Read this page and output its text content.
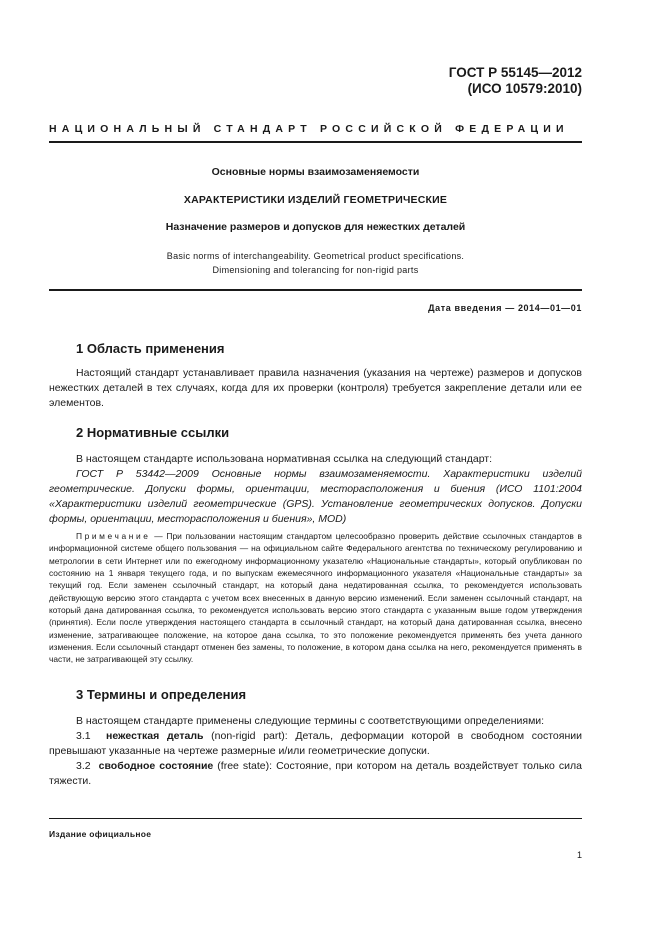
ГОСТ Р 55145—2012
(ИСО 10579:2010)
НАЦИОНАЛЬНЫЙ СТАНДАРТ РОССИЙСКОЙ ФЕДЕРАЦИИ
Основные нормы взаимозаменяемости
ХАРАКТЕРИСТИКИ ИЗДЕЛИЙ ГЕОМЕТРИЧЕСКИЕ
Назначение размеров и допусков для нежестких деталей
Basic norms of interchangeability. Geometrical product specifications.
Dimensioning and tolerancing for non-rigid parts
Дата введения — 2014—01—01
1 Область применения

Настоящий стандарт устанавливает правила назначения (указания на чертеже) размеров и допусков нежестких деталей в тех случаях, когда для их проверки (контроля) требуется закрепление детали или ее элементов.

2 Нормативные ссылки

В настоящем стандарте использована нормативная ссылка на следующий стандарт:

ГОСТ Р 53442—2009 Основные нормы взаимозаменяемости. Характеристики изделий геометрические. Допуски формы, ориентации, месторасположения и биения (ИСО 1101:2004 «Характеристики изделий геометрические (GPS). Установление геометрических допусков. Допуски формы, ориентации, месторасположения и биения», MOD)

Примечание — При пользовании настоящим стандартом целесообразно проверить действие ссылочных стандартов в информационной системе общего пользования — на официальном сайте Федерального агентства по техническому регулированию и метрологии в сети Интернет или по ежегодному информационному указателю «Национальные стандарты», который опубликован по состоянию на 1 января текущего года, и по выпускам ежемесячного информационного указателя «Национальные стандарты» за текущий год. Если заменен ссылочный стандарт, на который дана недатированная ссылка, то рекомендуется использовать действующую версию этого стандарта с учетом всех внесенных в данную версию изменений. Если заменен ссылочный стандарт, на который дана датированная ссылка, то рекомендуется использовать версию этого стандарта с указанным выше годом утверждения (принятия). Если после утверждения настоящего стандарта в ссылочный стандарт, на который дана датированная ссылка, внесено изменение, затрагивающее положение, на которое дана ссылка, то это положение рекомендуется применять без учета данного изменения. Если ссылочный стандарт отменен без замены, то положение, в котором дана ссылка на него, рекомендуется применять в части, не затрагивающей эту ссылку.

3 Термины и определения

В настоящем стандарте применены следующие термины с соответствующими определениями:

3.1 нежесткая деталь (non-rigid part): Деталь, деформации которой в свободном состоянии превышают указанные на чертеже размерные и/или геометрические допуски.

3.2 свободное состояние (free state): Состояние, при котором на деталь воздействует только сила тяжести.

Издание официальное
1
